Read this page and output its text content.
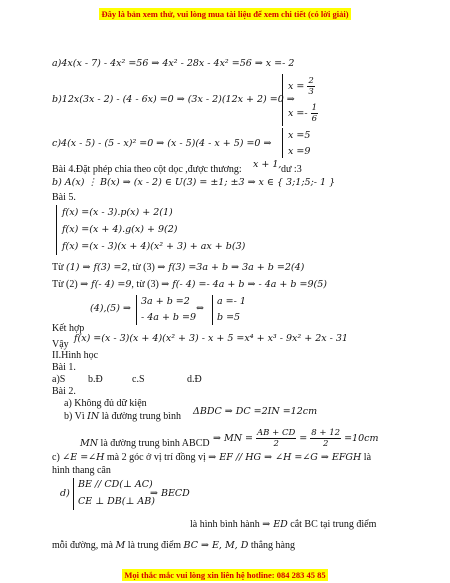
Đây là bản xem thử, vui lòng mua tài liệu để xem chi tiết (có lời giải)
a)4x(x - 7) - 4x² =56 ⇒ 4x² - 28x - 4x² =56 ⇒ x =- 2
b)12x(3x - 2) - (4 - 6x) =0 ⇒ (3x - 2)(12x + 2) =0 ⇒
$x = \frac{2}{3}$
$x =- \frac{1}{6}$
c)4(x - 5) - (5 - x)² =0 ⇒ (x - 5)(4 - x + 5) =0 ⇒
x =5
x =9
Bài 4.Đặt phép chia theo cột dọc ,được thương: x + 1, dư :3
b) A(x) ⋮ B(x) ⇒ (x - 2) ∈ U(3) = ±1; ±3 ⇒ x ∈ { 3;1;5;- 1 }
Bài 5.
f(x) =(x - 3).p(x) + 2(1)
f(x) =(x + 4).g(x) + 9(2)
f(x) =(x - 3)(x + 4)(x² + 3) + ax + b(3)
Từ (1) ⇒ f(3) =2, từ (3) ⇒ f(3) =3a + b ⇒ 3a + b =2(4)
Từ (2) ⇒ f(- 4) =9, từ (3) ⇒ f(- 4) =- 4a + b ⇒ - 4a + b =9(5)
(4),(5) ⇒
3a + b =2
- 4a + b =9
⇔
a =- 1
b =5
Kết hợp
Vậy
f(x) =(x - 3)(x + 4)(x² + 3) - x + 5 =x⁴ + x³ - 9x² + 2x - 31
II.Hình học
Bài 1.
a)S b.Đ	c.S	d.Đ
Bài 2.
a) Không đủ dữ kiện
b) Vì IN là đường trung bình ΔBDC ⇒ DC =2IN =12cm
MN là đường trung bình ABCD ⇒ MN = $\frac{AB + CD}{2} = \frac{8 + 12}{2} =10cm$
c) ∠E =∠H mà 2 góc ở vị trí đồng vị ⇒ EF // HG ⇒ ∠H =∠G ⇒ EFGH là
hình thang cân
d)
BE // CD(⊥ AC)
CE ⊥ DB(⊥ AB)
⇒ BECD
là hình bình hành ⇒ ED cắt BC tại trung điểm
mỗi đường, mà M là trung điểm BC ⇒ E, M, D thẳng hàng
Mọi thắc mắc vui lòng xin liên hệ hotline: 084 283 45 85
